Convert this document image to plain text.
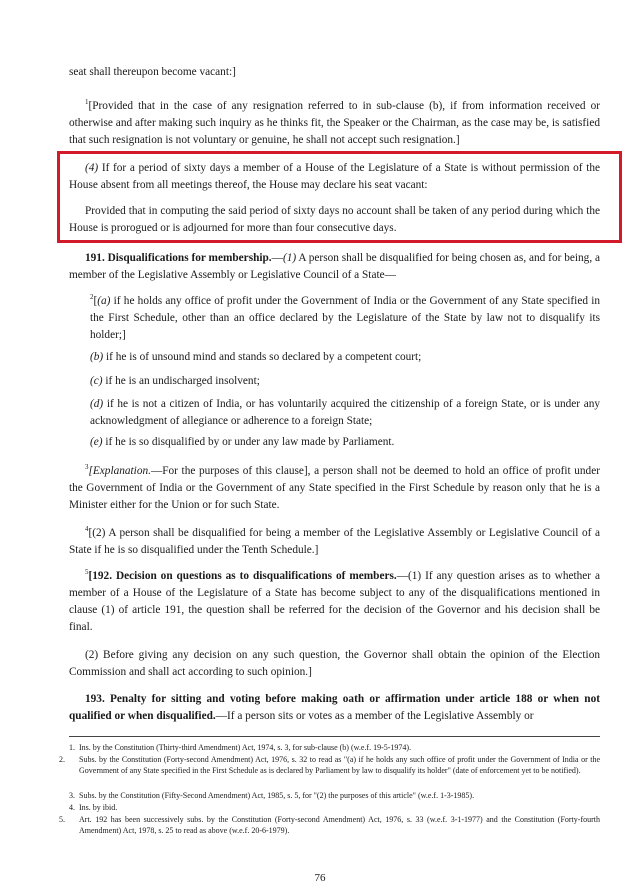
seat shall thereupon become vacant:]

$^1$[Provided that in the case of any resignation referred to in sub-clause (b), if from information received or otherwise and after making such inquiry as he thinks fit, the Speaker or the Chairman, as the case may be, is satisfied that such resignation is not voluntary or genuine, he shall not accept such resignation.]

(4) If for a period of sixty days a member of a House of the Legislature of a State is without permission of the House absent from all meetings thereof, the House may declare his seat vacant:

Provided that in computing the said period of sixty days no account shall be taken of any period during which the House is prorogued or is adjourned for more than four consecutive days.

191. Disqualifications for membership.—(1) A person shall be disqualified for being chosen as, and for being, a member of the Legislative Assembly or Legislative Council of a State—

$^2$[(a) if he holds any office of profit under the Government of India or the Government of any State specified in the First Schedule, other than an office declared by the Legislature of the State by law not to disqualify its holder;]

(b) if he is of unsound mind and stands so declared by a competent court;

(c) if he is an undischarged insolvent;

(d) if he is not a citizen of India, or has voluntarily acquired the citizenship of a foreign State, or is under any acknowledgment of allegiance or adherence to a foreign State;

(e) if he is so disqualified by or under any law made by Parliament.

$^3$[Explanation.—For the purposes of this clause], a person shall not be deemed to hold an office of profit under the Government of India or the Government of any State specified in the First Schedule by reason only that he is a Minister either for the Union or for such State.

$^4$[(2) A person shall be disqualified for being a member of the Legislative Assembly or Legislative Council of a State if he is so disqualified under the Tenth Schedule.]

$^5$[192. Decision on questions as to disqualifications of members.—(1) If any question arises as to whether a member of a House of the Legislature of a State has become subject to any of the disqualifications mentioned in clause (1) of article 191, the question shall be referred for the decision of the Governor and his decision shall be final.

(2) Before giving any decision on any such question, the Governor shall obtain the opinion of the Election Commission and shall act according to such opinion.]

193. Penalty for sitting and voting before making oath or affirmation under article 188 or when not qualified or when disqualified.—If a person sits or votes as a member of the Legislative Assembly or

1. Ins. by the Constitution (Thirty-third Amendment) Act, 1974, s. 3, for sub-clause (b) (w.e.f. 19-5-1974).
2. Subs. by the Constitution (Forty-second Amendment) Act, 1976, s. 32 to read as "(a) if he holds any such office of profit under the Government of India or the Government of any State specified in the First Schedule as is declared by Parliament by law to disqualify its holder" (date of enforcement yet to be notified).
3. Subs. by the Constitution (Fifty-Second Amendment) Act, 1985, s. 5, for "(2) the purposes of this article" (w.e.f. 1-3-1985).
4. Ins. by ibid.
5. Art. 192 has been successively subs. by the Constitution (Forty-second Amendment) Act, 1976, s. 33 (w.e.f. 3-1-1977) and the Constitution (Forty-fourth Amendment) Act, 1978, s. 25 to read as above (w.e.f. 20-6-1979).
76
